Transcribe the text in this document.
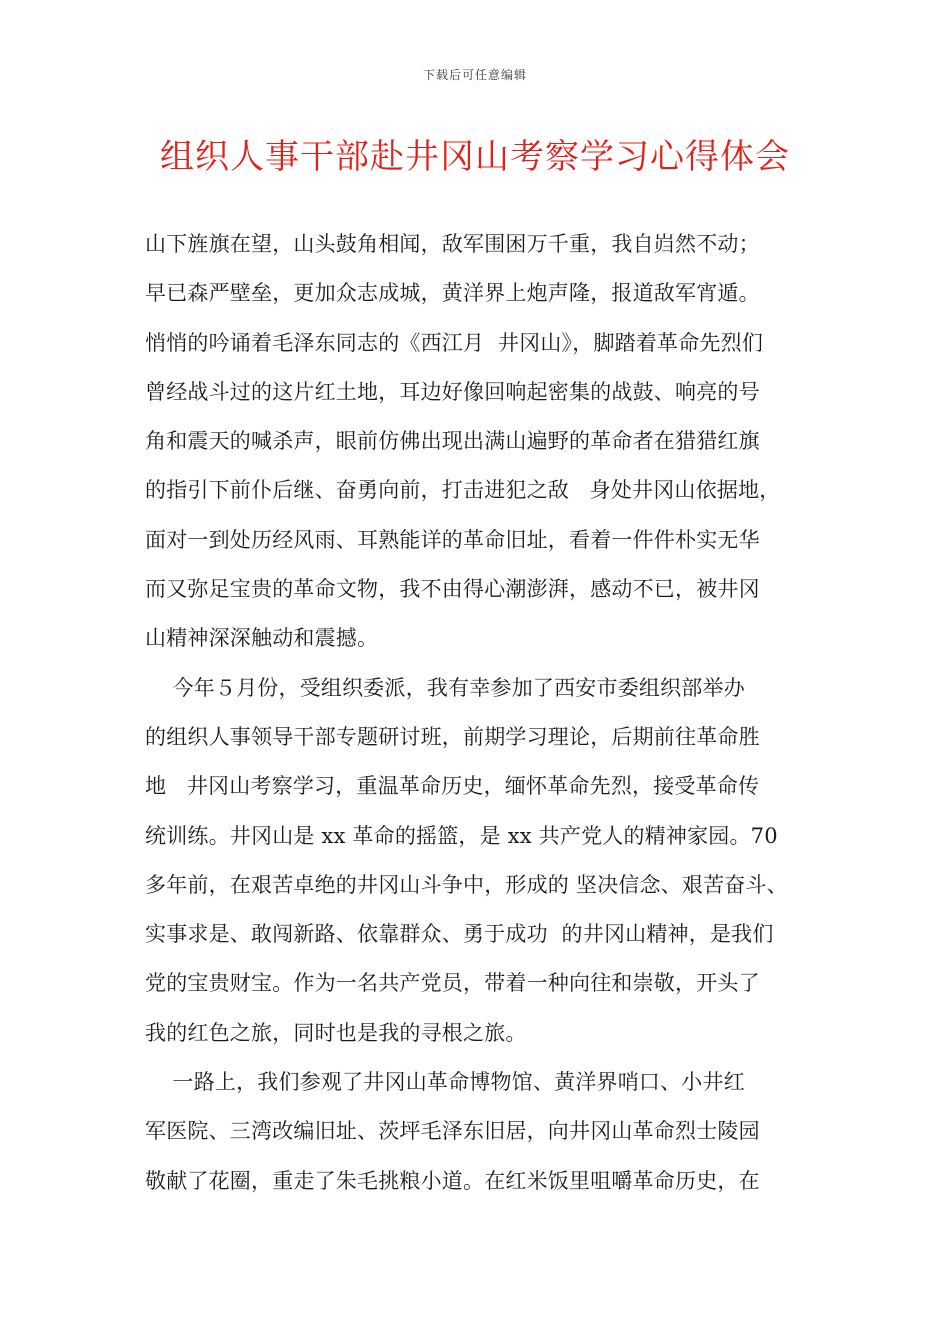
下载后可任意编辑
组织人事干部赴井冈山考察学习心得体会
山下旌旗在望，山头鼓角相闻，敌军围困万千重，我自岿然不动；
早已森严壁垒，更加众志成城，黄洋界上炮声隆，报道敌军宵遁。
悄悄的吟诵着毛泽东同志的《西江月  井冈山》，脚踏着革命先烈们
曾经战斗过的这片红土地，耳边好像回响起密集的战鼓、响亮的号
角和震天的喊杀声，眼前仿佛出现出满山遍野的革命者在猎猎红旗
的指引下前仆后继、奋勇向前，打击进犯之敌   身处井冈山依据地，
面对一到处历经风雨、耳熟能详的革命旧址，看着一件件朴实无华
而又弥足宝贵的革命文物，我不由得心潮澎湃，感动不已，被井冈
山精神深深触动和震撼。
今年５月份，受组织委派，我有幸参加了西安市委组织部举办
的组织人事领导干部专题研讨班，前期学习理论，后期前往革命胜
地   井冈山考察学习，重温革命历史，缅怀革命先烈，接受革命传
统训练。井冈山是 xx 革命的摇篮，是 xx 共产党人的精神家园。70
多年前，在艰苦卓绝的井冈山斗争中，形成的 坚决信念、艰苦奋斗、
实事求是、敢闯新路、依靠群众、勇于成功  的井冈山精神，是我们
党的宝贵财宝。作为一名共产党员，带着一种向往和崇敬，开头了
我的红色之旅，同时也是我的寻根之旅。
一路上，我们参观了井冈山革命博物馆、黄洋界哨口、小井红
军医院、三湾改编旧址、茨坪毛泽东旧居，向井冈山革命烈士陵园
敬献了花圈，重走了朱毛挑粮小道。在红米饭里咀嚼革命历史，在
